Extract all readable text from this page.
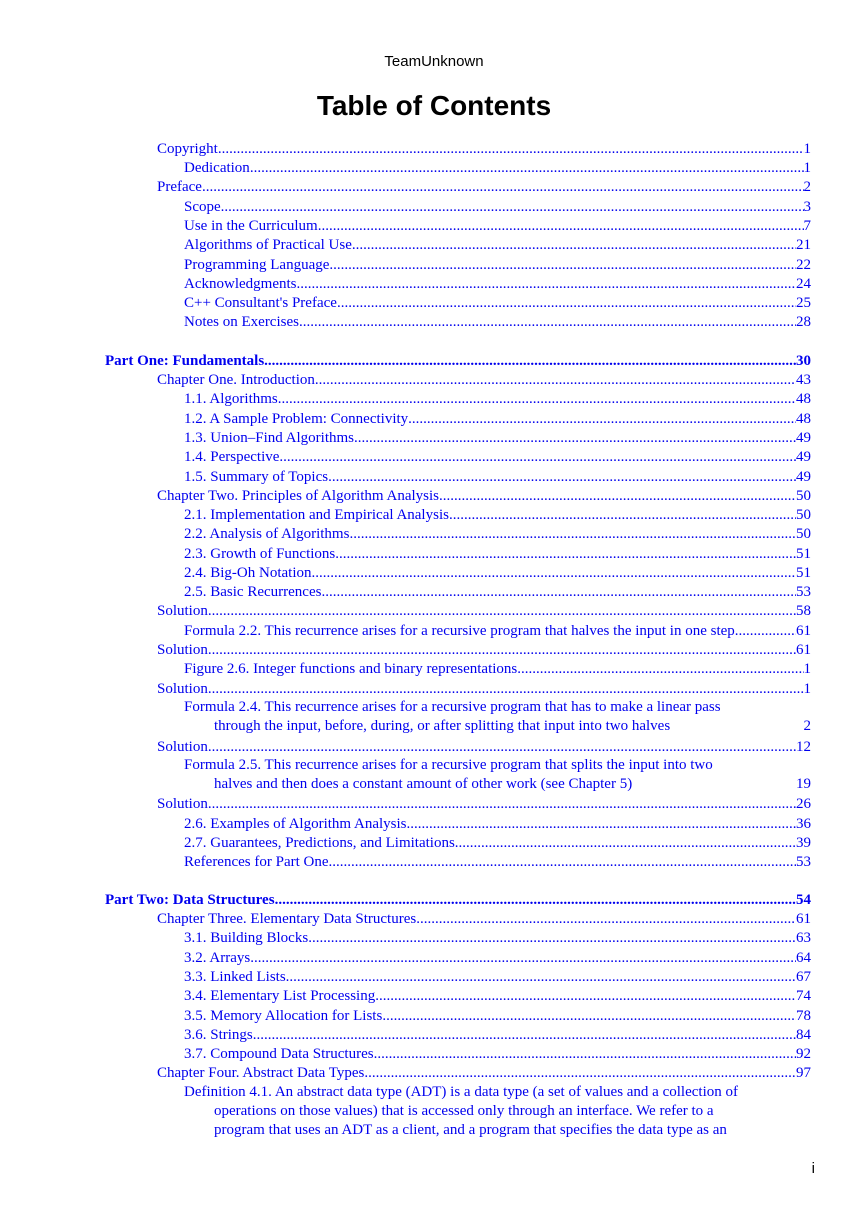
TeamUnknown
Table of Contents
Copyright .....	1
Dedication .....	1
Preface .....	2
Scope .....	3
Use in the Curriculum .....	7
Algorithms of Practical Use .....	21
Programming Language .....	22
Acknowledgments .....	24
C++ Consultant's Preface .....	25
Notes on Exercises .....	28
Part One: Fundamentals .....	30
Chapter One. Introduction .....	43
1.1. Algorithms .....	48
1.2. A Sample Problem: Connectivity .....	48
1.3. Union–Find Algorithms .....	49
1.4. Perspective .....	49
1.5. Summary of Topics .....	49
Chapter Two. Principles of Algorithm Analysis .....	50
2.1. Implementation and Empirical Analysis .....	50
2.2. Analysis of Algorithms .....	50
2.3. Growth of Functions .....	51
2.4. Big-Oh Notation .....	51
2.5. Basic Recurrences .....	53
Solution .....	58
Formula 2.2. This recurrence arises for a recursive program that halves the input in one step .....	61
Solution .....	61
Figure 2.6. Integer functions and binary representations .....	1
Solution .....	1
Formula 2.4. This recurrence arises for a recursive program that has to make a linear pass
through the input, before, during, or after splitting that input into two halves	2
Solution .....	12
Formula 2.5. This recurrence arises for a recursive program that splits the input into two
halves and then does a constant amount of other work (see Chapter 5)	19
Solution .....	26
2.6. Examples of Algorithm Analysis .....	36
2.7. Guarantees, Predictions, and Limitations .....	39
References for Part One .....	53
Part Two: Data Structures .....	54
Chapter Three. Elementary Data Structures .....	61
3.1. Building Blocks .....	63
3.2. Arrays .....	64
3.3. Linked Lists .....	67
3.4. Elementary List Processing .....	74
3.5. Memory Allocation for Lists .....	78
3.6. Strings .....	84
3.7. Compound Data Structures .....	92
Chapter Four. Abstract Data Types .....	97
Definition 4.1. An abstract data type (ADT) is a data type (a set of values and a collection of
operations on those values) that is accessed only through an interface. We refer to a
program that uses an ADT as a client, and a program that specifies the data type as an
i
